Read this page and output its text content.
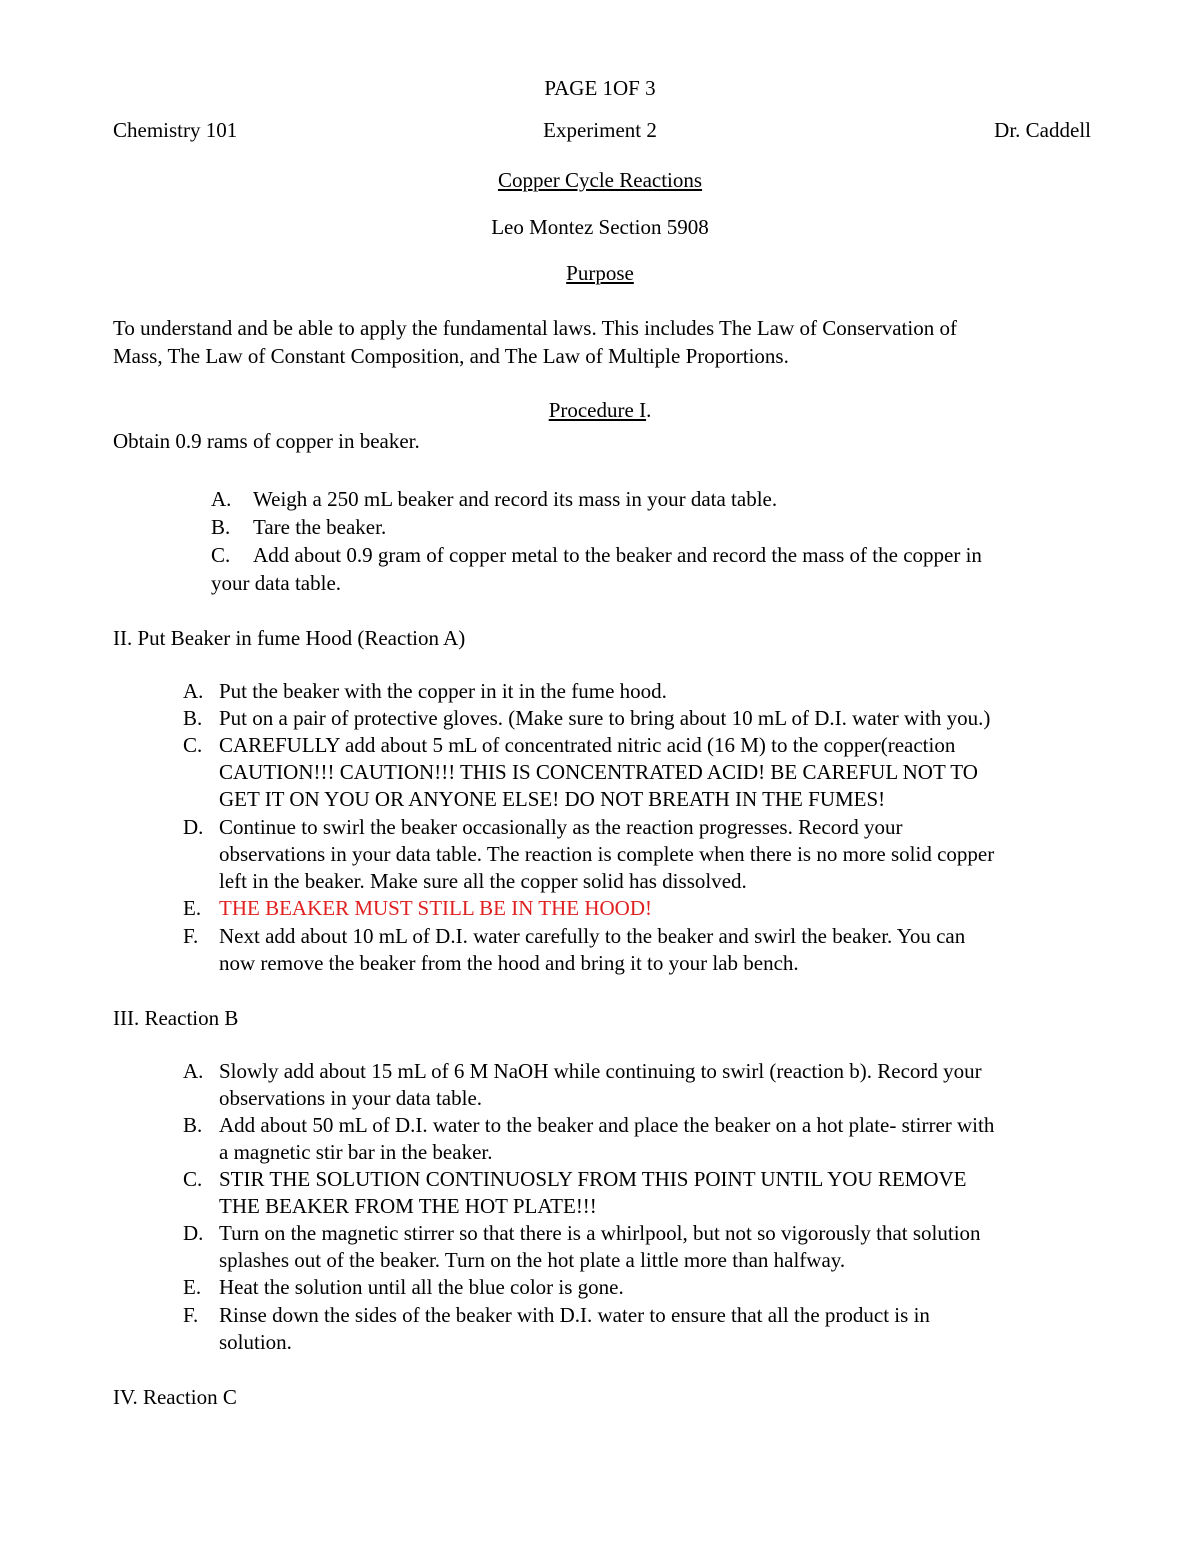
PAGE 1OF 3
Chemistry 101	Experiment 2	Dr. Caddell
Copper Cycle Reactions
Leo Montez Section 5908
Purpose
To understand and be able to apply the fundamental laws. This includes The Law of Conservation of
Mass, The Law of Constant Composition, and The Law of Multiple Proportions.
Procedure I.
Obtain 0.9 rams of copper in beaker.
A. Weigh a 250 mL beaker and record its mass in your data table.
B. Tare the beaker.
C. Add about 0.9 gram of copper metal to the beaker and record the mass of the copper in
your data table.
II. Put Beaker in fume Hood (Reaction A)
A. Put the beaker with the copper in it in the fume hood.
B. Put on a pair of protective gloves. (Make sure to bring about 10 mL of D.I. water with you.)
C. CAREFULLY add about 5 mL of concentrated nitric acid (16 M) to the copper(reaction
CAUTION!!! CAUTION!!! THIS IS CONCENTRATED ACID! BE CAREFUL NOT TO
GET IT ON YOU OR ANYONE ELSE! DO NOT BREATH IN THE FUMES!
D. Continue to swirl the beaker occasionally as the reaction progresses. Record your
observations in your data table. The reaction is complete when there is no more solid copper
left in the beaker. Make sure all the copper solid has dissolved.
E. THE BEAKER MUST STILL BE IN THE HOOD!
F. Next add about 10 mL of D.I. water carefully to the beaker and swirl the beaker. You can
now remove the beaker from the hood and bring it to your lab bench.
III. Reaction B
A. Slowly add about 15 mL of 6 M NaOH while continuing to swirl (reaction b). Record your
observations in your data table.
B. Add about 50 mL of D.I. water to the beaker and place the beaker on a hot plate- stirrer with
a magnetic stir bar in the beaker.
C. STIR THE SOLUTION CONTINUOSLY FROM THIS POINT UNTIL YOU REMOVE
THE BEAKER FROM THE HOT PLATE!!!
D. Turn on the magnetic stirrer so that there is a whirlpool, but not so vigorously that solution
splashes out of the beaker. Turn on the hot plate a little more than halfway.
E. Heat the solution until all the blue color is gone.
F. Rinse down the sides of the beaker with D.I. water to ensure that all the product is in
solution.
IV. Reaction C
